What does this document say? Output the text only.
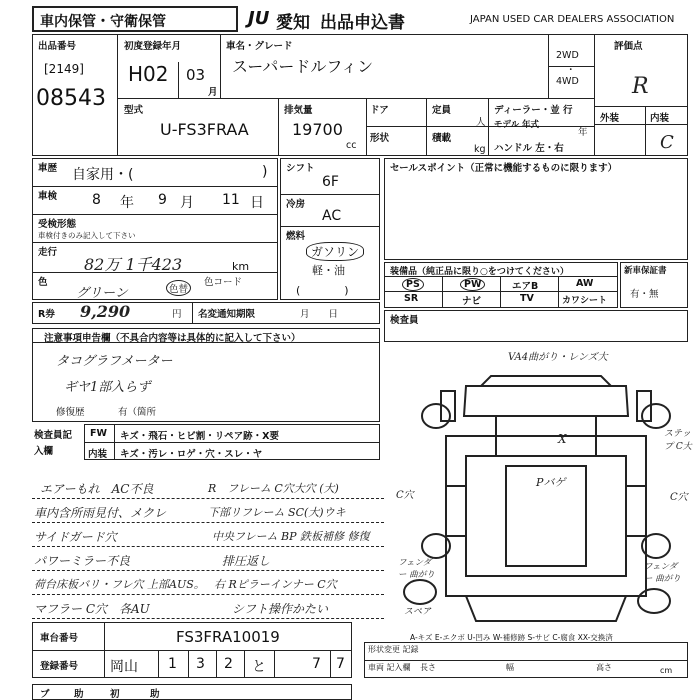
車内保管・守衛保管	JU 愛知 出品申込書	JAPAN USED CAR DEALERS ASSOCIATION
出品番号
[2149]
08543
初度登録年月
H02 03
月
車名・グレード
スーパードルフィン
2WD
・
4WD
型式
U-FS3FRAA
排気量
19700
cc
ドア	定員
人
形状	積載
kg
ディーラー・並 行
モデル 年式
年
ハンドル 左・右
評価点
R
外装	内装
C
車歴 自家用・(	)
車検 8 年 9 月 11 日
受検形態
車検付きのみ記入して下さい
走行
82万 1千423	km
色
グリーン	色替
色コード
シフト
6F
冷房
AC
燃料
ガソリン
軽・油
(　　　　)
セールスポイント（正常に機能するものに限ります）
装備品（純正品に限り○をつけてください）
PS	PW	エアB	AW
SR	ナビ	TV	カワシート
新車保証書
有・無
R券 9,290	円 名変通知期限	月　　日
検査員
注意事項申告欄（不具合内容等は具体的に記入して下さい）
タコグラフメーター
ギヤ1部入らず
修復歴	有（箇所
検査員記入欄
FW キズ・飛石・ヒビ割・リペア跡・X要
内装 キズ・汚レ・ロゲ・穴・スレ・ヤ
エアーもれ　AC不良
車内含所雨見付、メクレ
サイドガード穴
パワーミラー不良
荷台床板バリ・フレ穴 上部AUS。
マフラー C穴　各AU
R　フレーム C穴大穴 (大)
下部リフレーム SC(大)ウキ
中央フレーム BP 鉄板補修 修復
排圧返し
右 Rピラーインナー C穴
シフト操作かたい
VA4曲がり・レンズ大
X	ステップ C大
Pバゲ
C穴	C穴
フェンダー 曲がり
フェンダー 曲がり
スペア
A-キズ E-エクボ U-凹み W-補修跡 S-サビ C-腐食 XX-交換済
車台番号	FS3FRA10019
登録番号 岡山 1 3 2 と	7 7
形状変更 記録
車両 記入欄 長さ	幅	高さ	cm
ブ	助	初	助
